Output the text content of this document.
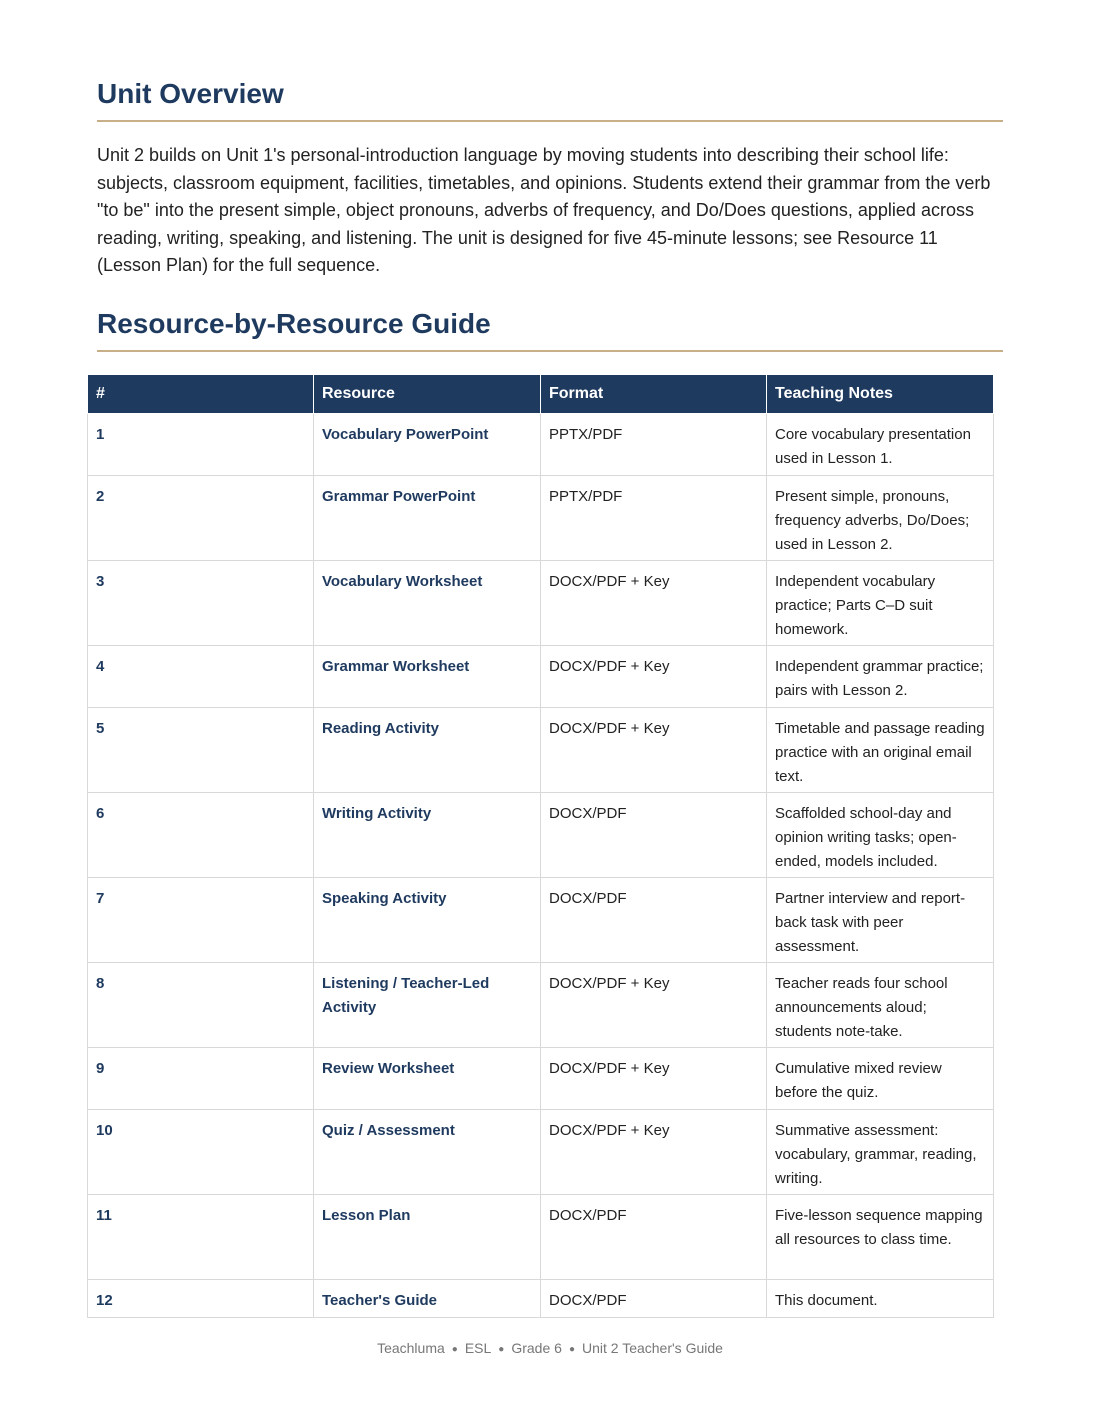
Unit Overview

Unit 2 builds on Unit 1's personal-introduction language by moving students into describing their school life: subjects, classroom equipment, facilities, timetables, and opinions. Students extend their grammar from the verb "to be" into the present simple, object pronouns, adverbs of frequency, and Do/Does questions, applied across reading, writing, speaking, and listening. The unit is designed for five 45-minute lessons; see Resource 11 (Lesson Plan) for the full sequence.

Resource-by-Resource Guide
#	Resource	Format	Teaching Notes
1	Vocabulary PowerPoint	PPTX/PDF	Core vocabulary presentation used in Lesson 1.
2	Grammar PowerPoint	PPTX/PDF	Present simple, pronouns, frequency adverbs, Do/Does; used in Lesson 2.
3	Vocabulary Worksheet	DOCX/PDF + Key	Independent vocabulary practice; Parts C–D suit homework.
4	Grammar Worksheet	DOCX/PDF + Key	Independent grammar practice; pairs with Lesson 2.
5	Reading Activity	DOCX/PDF + Key	Timetable and passage reading practice with an original email text.
6	Writing Activity	DOCX/PDF	Scaffolded school-day and opinion writing tasks; open-ended, models included.
7	Speaking Activity	DOCX/PDF	Partner interview and report-back task with peer assessment.
8	Listening / Teacher-Led Activity	DOCX/PDF + Key	Teacher reads four school announcements aloud; students note-take.
9	Review Worksheet	DOCX/PDF + Key	Cumulative mixed review before the quiz.
10	Quiz / Assessment	DOCX/PDF + Key	Summative assessment: vocabulary, grammar, reading, writing.
11	Lesson Plan	DOCX/PDF	Five-lesson sequence mapping all resources to class time.
12	Teacher's Guide	DOCX/PDF	This document.
Teachluma ● ESL ● Grade 6 ● Unit 2 Teacher's Guide
